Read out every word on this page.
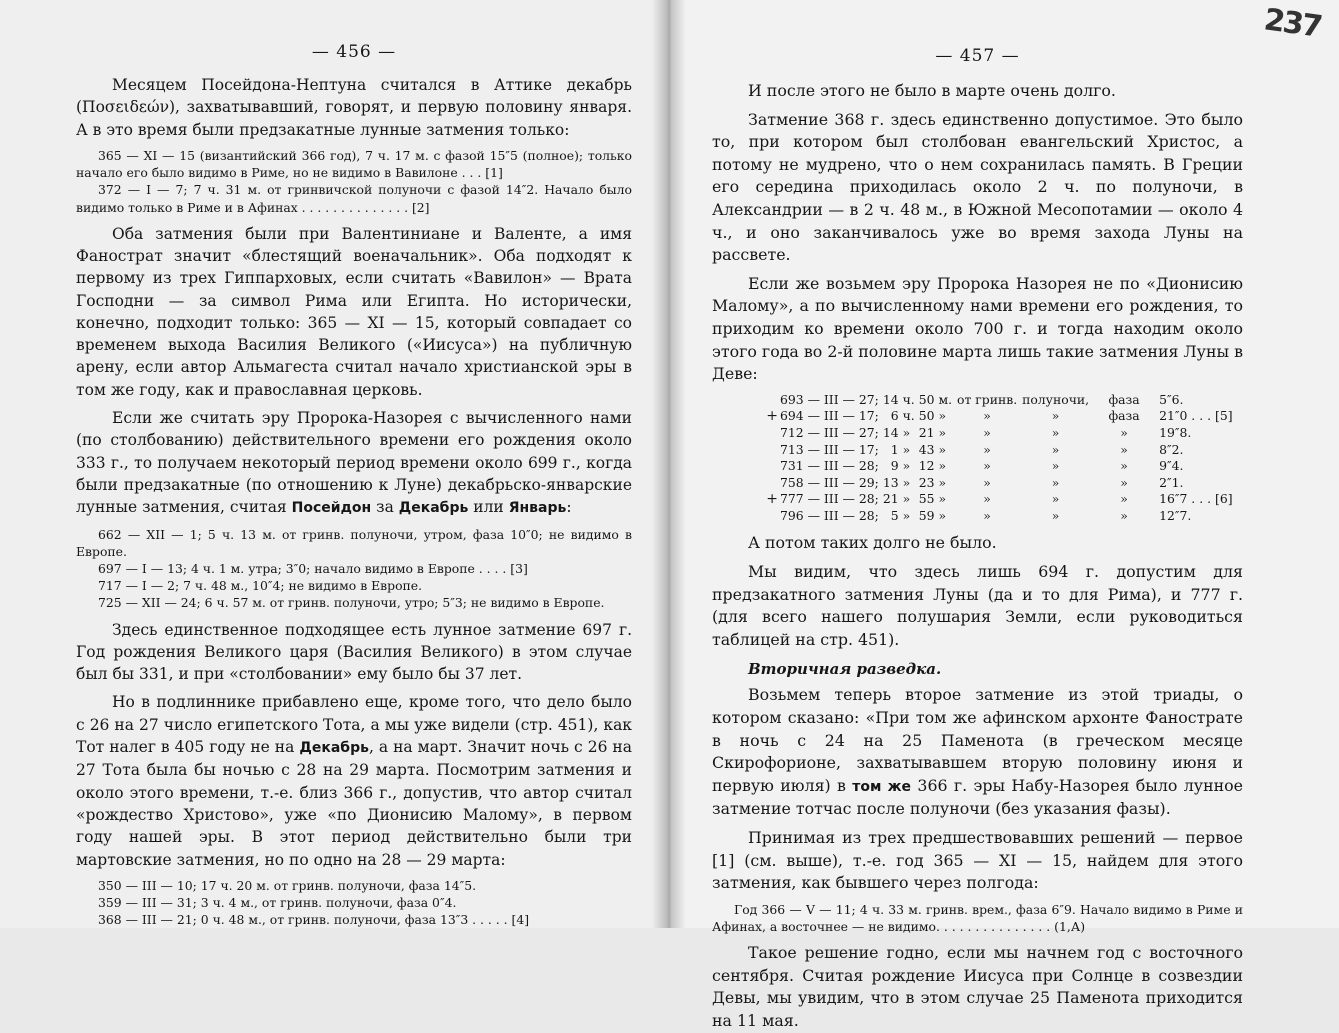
— 456 —

Месяцем Посейдона-Нептуна считался в Аттике декабрь (Ποσειδεών), захватывавший, говорят, и первую половину января. А в это время были предзакатные лунные затмения только:

365 — XI — 15 (византийский 366 год), 7 ч. 17 м. с фазой 15″5 (полное); только начало его было видимо в Риме, но не видимо в Вавилоне . . . [1]

372 — I — 7; 7 ч. 31 м. от гринвичской полуночи с фазой 14″2. Начало было видимо только в Риме и в Афинах . . . . . . . . . . . . . . [2]

Оба затмения были при Валентиниане и Валенте, а имя Фанострат значит «блестящий военачальник». Оба подходят к первому из трех Гиппарховых, если считать «Вавилон» — Врата Господни — за символ Рима или Египта. Но исторически, конечно, подходит только: 365 — XI — 15, который совпадает со временем выхода Василия Великого («Иисуса») на публичную арену, если автор Альмагеста считал начало христианской эры в том же году, как и православная церковь.

Если же считать эру Пророка-Назорея с вычисленного нами (по столбованию) действительного времени его рождения около 333 г., то получаем некоторый период времени около 699 г., когда были предзакатные (по отношению к Луне) декабрьско-январские лунные затмения, считая Посейдон за Декабрь или Январь:

662 — XII — 1; 5 ч. 13 м. от гринв. полуночи, утром, фаза 10″0; не видимо в Европе.

697 — I — 13; 4 ч. 1 м. утра; 3″0; начало видимо в Европе . . . . [3]

717 — I — 2; 7 ч. 48 м., 10″4; не видимо в Европе.

725 — XII — 24; 6 ч. 57 м. от гринв. полуночи, утро; 5″3; не видимо в Европе.

Здесь единственное подходящее есть лунное затмение 697 г. Год рождения Великого царя (Василия Великого) в этом случае был бы 331, и при «столбовании» ему было бы 37 лет.

Но в подлиннике прибавлено еще, кроме того, что дело было с 26 на 27 число египетского Тота, а мы уже видели (стр. 451), как Тот налег в 405 году не на Декабрь, а на март. Значит ночь с 26 на 27 Тота была бы ночью с 28 на 29 марта. Посмотрим затмения и около этого времени, т.-е. близ 366 г., допустив, что автор считал «рождество Христово», уже «по Дионисию Малому», в первом году нашей эры. В этот период действительно были три мартовские затмения, но по одно на 28 — 29 марта:

350 — III — 10; 17 ч. 20 м. от гринв. полуночи, фаза 14″5.

359 — III — 31; 3 ч. 4 м., от гринв. полуночи, фаза 0″4.

368 — III — 21; 0 ч. 48 м., от гринв. полуночи, фаза 13″3 . . . . . [4]

— 457 —

И после этого не было в марте очень долго.

Затмение 368 г. здесь единственно допустимое. Это было то, при котором был столбован евангельский Христос, а потому не мудрено, что о нем сохранилась память. В Греции его середина приходилась около 2 ч. по полуночи, в Александрии — в 2 ч. 48 м., в Южной Месопотамии — около 4 ч., и оно заканчивалось уже во время захода Луны на рассвете.

Если же возьмем эру Пророка Назорея не по «Дионисию Малому», а по вычисленному нами времени его рождения, то приходим ко времени около 700 г. и тогда находим около этого года во 2-й половине марта лишь такие затмения Луны в Деве:

	693 — III — 27;	14	ч.	50	м.	от гринв.	полуночи,	фаза	5″6.	
+	694 — III — 17;	6	ч.	50	»	»	»	фаза	21″0 . . .	[5]
	712 — III — 27;	14	»	21	»	»	»	»	19″8.	
	713 — III — 17;	1	»	43	»	»	»	»	8″2.	
	731 — III — 28;	9	»	12	»	»	»	»	9″4.	
	758 — III — 29;	13	»	23	»	»	»	»	2″1.	
+	777 — III — 28;	21	»	55	»	»	»	»	16″7 . . .	[6]
	796 — III — 28;	5	»	59	»	»	»	»	12″7.	

А потом таких долго не было.

Мы видим, что здесь лишь 694 г. допустим для предзакатного затмения Луны (да и то для Рима), и 777 г. (для всего нашего полушария Земли, если руководиться таблицей на стр. 451).

Вторичная разведка.

Возьмем теперь второе затмение из этой триады, о котором сказано: «При том же афинском архонте Фанострате в ночь с 24 на 25 Паменота (в греческом месяце Скирофорионе, захватывавшем вторую половину июня и первую июля) в том же 366 г. эры Набу-Назорея было лунное затмение тотчас после полуночи (без указания фазы).

Принимая из трех предшествовавших решений — первое [1] (см. выше), т.-е. год 365 — XI — 15, найдем для этого затмения, как бывшего через полгода:

Год 366 — V — 11; 4 ч. 33 м. гринв. врем., фаза 6″9. Начало видимо в Риме и Афинах, а восточнее — не видимо. . . . . . . . . . . . . . . (1,А)

Такое решение годно, если мы начнем год с восточного сентября. Считая рождение Иисуса при Солнце в созвездии Девы, мы увидим, что в этом случае 25 Паменота приходится на 11 мая.

237
